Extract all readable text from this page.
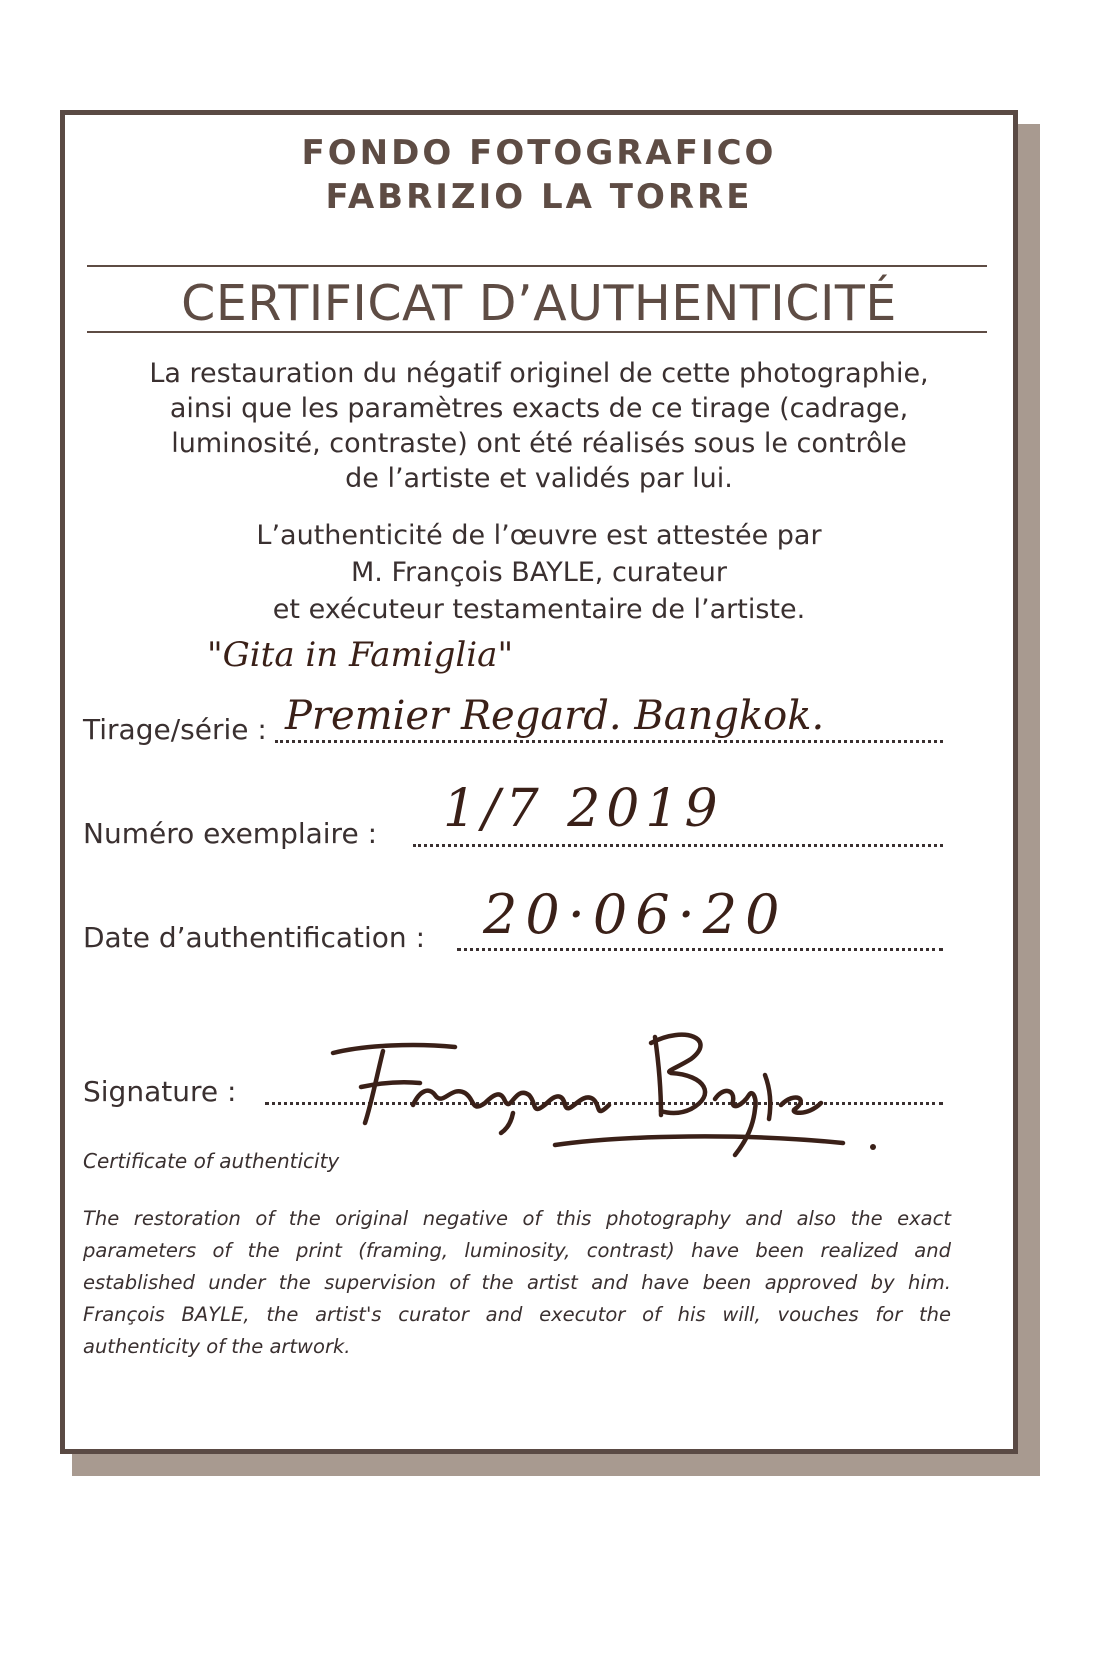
FONDO FOTOGRAFICO
FABRIZIO LA TORRE
CERTIFICAT D’AUTHENTICITÉ
La restauration du négatif originel de cette photographie,
ainsi que les paramètres exacts de ce tirage (cadrage,
luminosité, contraste) ont été réalisés sous le contrôle
de l’artiste et validés par lui.
L’authenticité de l’œuvre est attestée par
M. François BAYLE, curateur
et exécuteur testamentaire de l’artiste.
"Gita in Famiglia"
Tirage/série : Premier Regard. Bangkok.
Numéro exemplaire : 1/7 2019
Date d’authentification : 20·06·20
Signature :
Certificate of authenticity
The restoration of the original negative of this photography and also the exact
parameters of the print (framing, luminosity, contrast) have been realized and
established under the supervision of the artist and have been approved by him.
François BAYLE, the artist's curator and executor of his will, vouches for the
authenticity of the artwork.
